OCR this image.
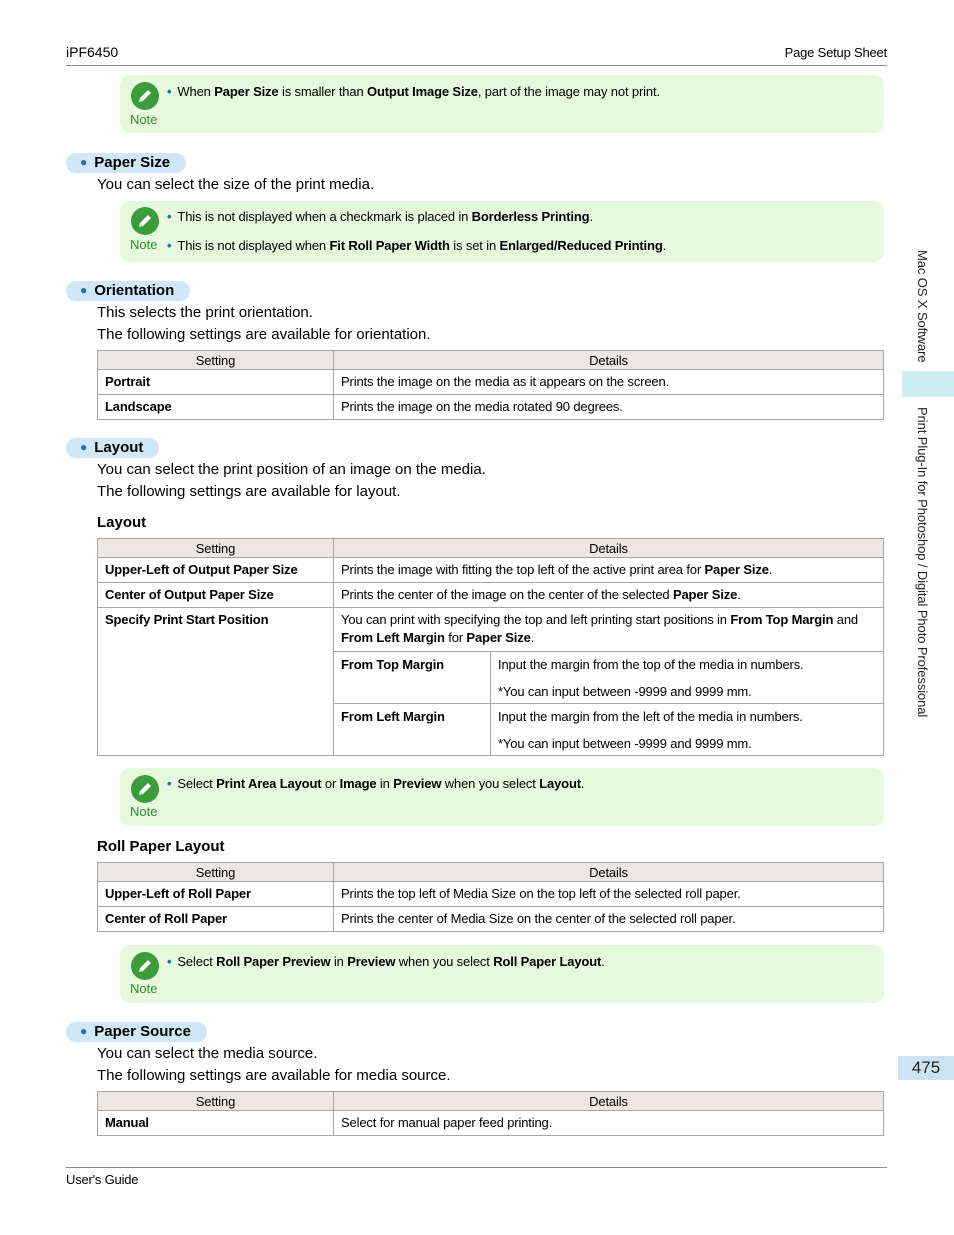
iPF6450	Page Setup Sheet
Mac OS X Software
Print Plug-In for Photoshop / Digital Photo Professional
475
Note
• When Paper Size is smaller than Output Image Size, part of the image may not print.
● Paper Size
You can select the size of the print media.
Note
• This is not displayed when a checkmark is placed in Borderless Printing.
• This is not displayed when Fit Roll Paper Width is set in Enlarged/Reduced Printing.
● Orientation
This selects the print orientation.
The following settings are available for orientation.
Setting	Details
Portrait	Prints the image on the media as it appears on the screen.
Landscape	Prints the image on the media rotated 90 degrees.
● Layout
You can select the print position of an image on the media.
The following settings are available for layout.
Layout
Setting	Details
Upper-Left of Output Paper Size	Prints the image with fitting the top left of the active print area for Paper Size.
Center of Output Paper Size	Prints the center of the image on the center of the selected Paper Size.
Specify Print Start Position	You can print with specifying the top and left printing start positions in From Top Margin and From Left Margin for Paper Size.
From Top Margin	Input the margin from the top of the media in numbers.
*You can input between -9999 and 9999 mm.

From Left Margin	Input the margin from the left of the media in numbers.
*You can input between -9999 and 9999 mm.
Note
• Select Print Area Layout or Image in Preview when you select Layout.
Roll Paper Layout
Setting	Details
Upper-Left of Roll Paper	Prints the top left of Media Size on the top left of the selected roll paper.
Center of Roll Paper	Prints the center of Media Size on the center of the selected roll paper.
Note
• Select Roll Paper Preview in Preview when you select Roll Paper Layout.
● Paper Source
You can select the media source.
The following settings are available for media source.
Setting	Details
Manual	Select for manual paper feed printing.
User's Guide
